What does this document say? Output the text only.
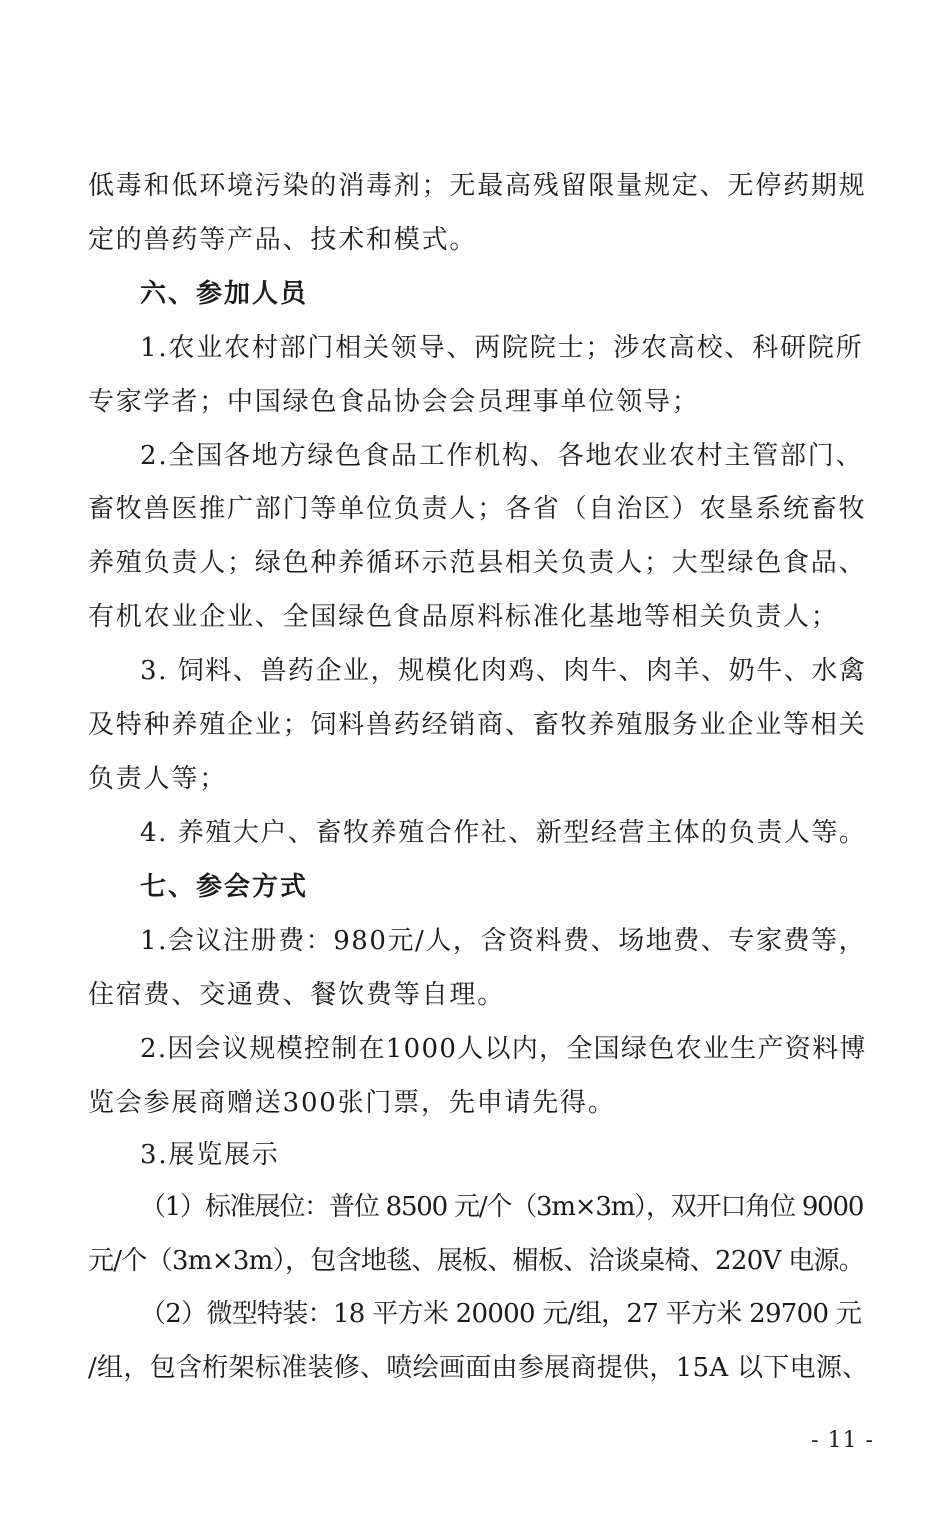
低毒和低环境污染的消毒剂；无最高残留限量规定、无停药期规
定的兽药等产品、技术和模式。
六、参加人员
1.农业农村部门相关领导、两院院士；涉农高校、科研院所
专家学者；中国绿色食品协会会员理事单位领导；
2.全国各地方绿色食品工作机构、各地农业农村主管部门、
畜牧兽医推广部门等单位负责人；各省（自治区）农垦系统畜牧
养殖负责人；绿色种养循环示范县相关负责人；大型绿色食品、
有机农业企业、全国绿色食品原料标准化基地等相关负责人；
3. 饲料、兽药企业，规模化肉鸡、肉牛、肉羊、奶牛、水禽
及特种养殖企业；饲料兽药经销商、畜牧养殖服务业企业等相关
负责人等；
4. 养殖大户、畜牧养殖合作社、新型经营主体的负责人等。
七、参会方式
1.会议注册费：980元/人，含资料费、场地费、专家费等，
住宿费、交通费、餐饮费等自理。
2.因会议规模控制在1000人以内，全国绿色农业生产资料博
览会参展商赠送300张门票，先申请先得。
3.展览展示
（1）标准展位：普位 8500 元/个（3m×3m），双开口角位 9000
元/个（3m×3m），包含地毯、展板、楣板、洽谈桌椅、220V 电源。
（2）微型特装：18 平方米 20000 元/组，27 平方米 29700 元
/组，包含桁架标准装修、喷绘画面由参展商提供，15A 以下电源、
- 11 -
